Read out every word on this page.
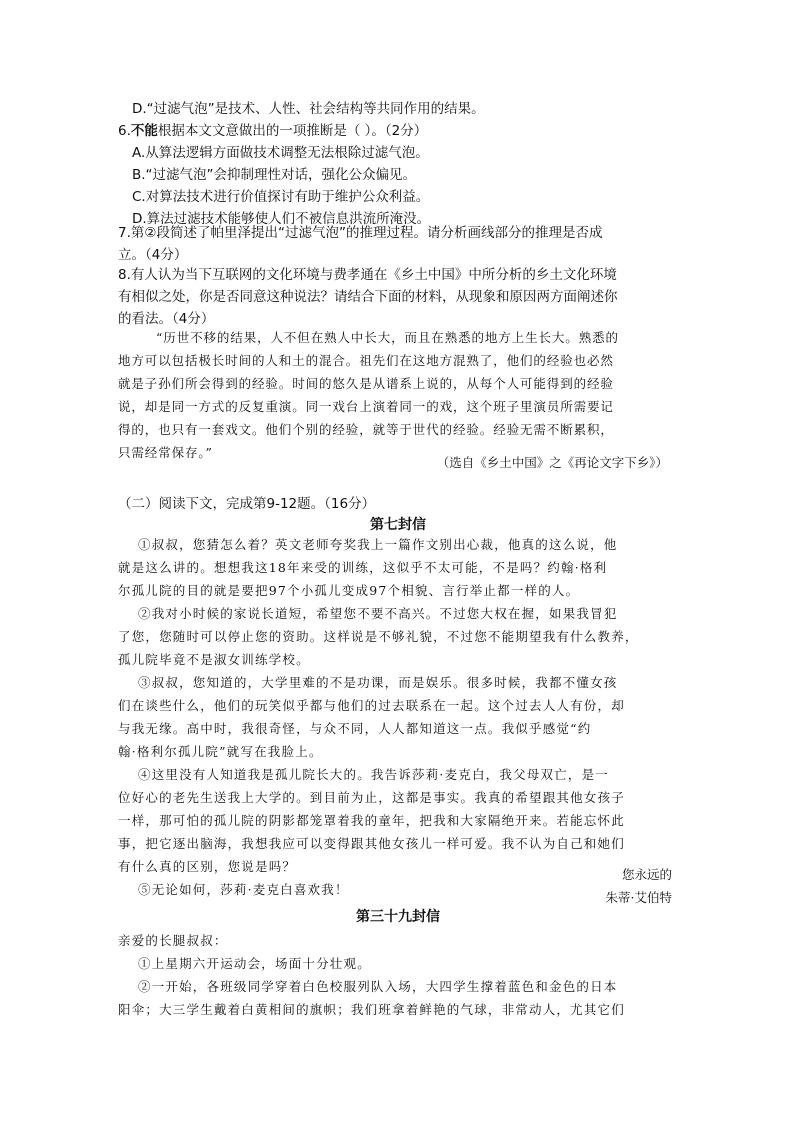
D.“过滤气泡”是技术、人性、社会结构等共同作用的结果。
6.不能根据本文文意做出的一项推断是（ ）。（2分）
A.从算法逻辑方面做技术调整无法根除过滤气泡。
B.“过滤气泡”会抑制理性对话，强化公众偏见。
C.对算法技术进行价值探讨有助于维护公众利益。
D.算法过滤技术能够使人们不被信息洪流所淹没。
7.第②段简述了帕里泽提出“过滤气泡”的推理过程。请分析画线部分的推理是否成
立。（4分）
8.有人认为当下互联网的文化环境与费孝通在《乡土中国》中所分析的乡土文化环境
有相似之处，你是否同意这种说法？请结合下面的材料，从现象和原因两方面阐述你
的看法。（4分）
“历世不移的结果，人不但在熟人中长大，而且在熟悉的地方上生长大。熟悉的
地方可以包括极长时间的人和土的混合。祖先们在这地方混熟了，他们的经验也必然
就是子孙们所会得到的经验。时间的悠久是从谱系上说的，从每个人可能得到的经验
说，却是同一方式的反复重演。同一戏台上演着同一的戏，这个班子里演员所需要记
得的，也只有一套戏文。他们个别的经验，就等于世代的经验。经验无需不断累积，
只需经常保存。”
（选自《乡土中国》之《再论文字下乡》）
（二）阅读下文，完成第9-12题。（16分）
第七封信
①叔叔，您猜怎么着？英文老师夸奖我上一篇作文别出心裁，他真的这么说，他
就是这么讲的。想想我这18年来受的训练，这似乎不太可能，不是吗？约翰·格利
尔孤儿院的目的就是要把97个小孤儿变成97个相貌、言行举止都一样的人。
②我对小时候的家说长道短，希望您不要不高兴。不过您大权在握，如果我冒犯
了您，您随时可以停止您的资助。这样说是不够礼貌，不过您不能期望我有什么教养，
孤儿院毕竟不是淑女训练学校。
③叔叔，您知道的，大学里难的不是功课，而是娱乐。很多时候，我都不懂女孩
们在谈些什么，他们的玩笑似乎都与他们的过去联系在一起。这个过去人人有份，却
与我无缘。高中时，我很奇怪，与众不同，人人都知道这一点。我似乎感觉“约
翰·格利尔孤儿院”就写在我脸上。
④这里没有人知道我是孤儿院长大的。我告诉莎莉·麦克白，我父母双亡，是一
位好心的老先生送我上大学的。到目前为止，这都是事实。我真的希望跟其他女孩子
一样，那可怕的孤儿院的阴影都笼罩着我的童年，把我和大家隔绝开来。若能忘怀此
事，把它逐出脑海，我想我应可以变得跟其他女孩儿一样可爱。我不认为自己和她们
有什么真的区别，您说是吗？
⑤无论如何，莎莉·麦克白喜欢我！
您永远的
朱蒂·艾伯特
第三十九封信
亲爱的长腿叔叔：
①上星期六开运动会，场面十分壮观。
②一开始，各班级同学穿着白色校服列队入场，大四学生撑着蓝色和金色的日本
阳伞；大三学生戴着白黄相间的旗帜；我们班拿着鲜艳的气球，非常动人，尤其它们
